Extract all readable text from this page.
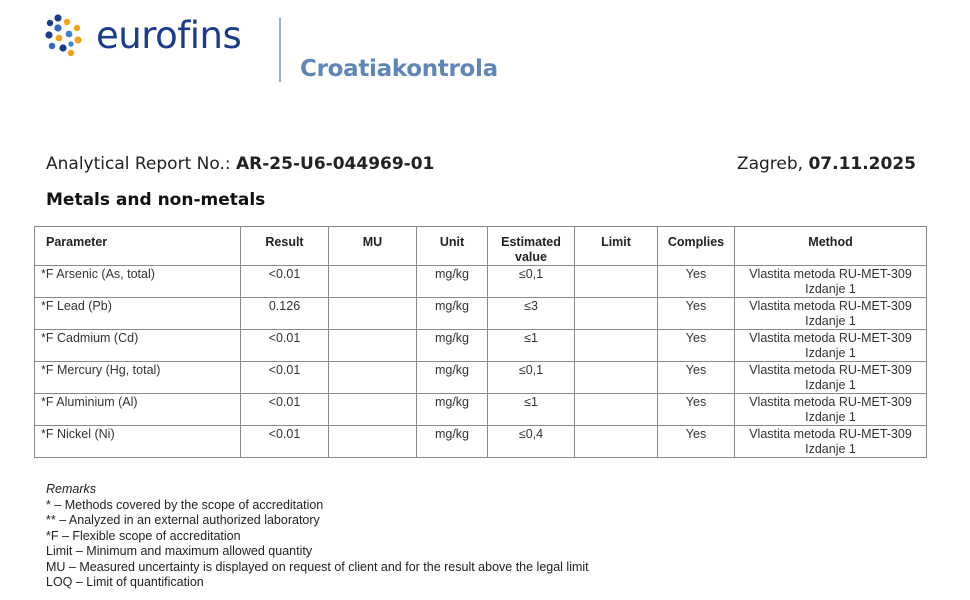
eurofins
Croatiakontrola
Analytical Report No.: AR-25-U6-044969-01	Zagreb, 07.11.2025
Metals and non-metals
Parameter	Result	MU	Unit	Estimated value	Limit	Complies	Method
*F Arsenic (As, total)	<0.01		mg/kg	≤0,1		Yes	Vlastita metoda RU-MET-309
Izdanje 1
*F Lead (Pb)	0.126		mg/kg	≤3		Yes	Vlastita metoda RU-MET-309
Izdanje 1
*F Cadmium (Cd)	<0.01		mg/kg	≤1		Yes	Vlastita metoda RU-MET-309
Izdanje 1
*F Mercury (Hg, total)	<0.01		mg/kg	≤0,1		Yes	Vlastita metoda RU-MET-309
Izdanje 1
*F Aluminium (Al)	<0.01		mg/kg	≤1		Yes	Vlastita metoda RU-MET-309
Izdanje 1
*F Nickel (Ni)	<0.01		mg/kg	≤0,4		Yes	Vlastita metoda RU-MET-309
Izdanje 1
Remarks
* – Methods covered by the scope of accreditation
** – Analyzed in an external authorized laboratory
*F – Flexible scope of accreditation
Limit – Minimum and maximum allowed quantity
MU – Measured uncertainty is displayed on request of client and for the result above the legal limit
LOQ – Limit of quantification
